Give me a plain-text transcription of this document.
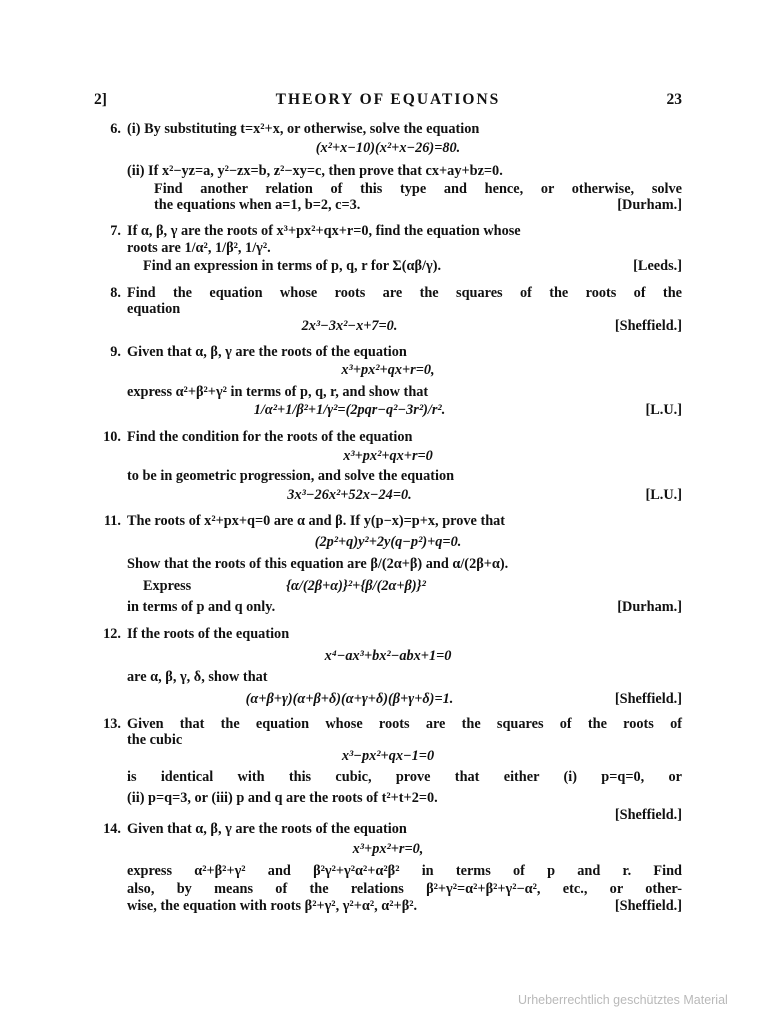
2]	THEORY OF EQUATIONS	23
6. (i) By substituting t=x²+x, or otherwise, solve the equation
(x²+x−10)(x²+x−26)=80.
(ii) If x²−yz=a, y²−zx=b, z²−xy=c, then prove that cx+ay+bz=0.
Find another relation of this type and hence, or otherwise, solve
the equations when a=1, b=2, c=3.	[Durham.]
7. If α, β, γ are the roots of x³+px²+qx+r=0, find the equation whose
roots are 1/α², 1/β², 1/γ².
Find an expression in terms of p, q, r for Σ(αβ/γ).	[Leeds.]
8. Find the equation whose roots are the squares of the roots of the
equation
2x³−3x²−x+7=0.	[Sheffield.]
9. Given that α, β, γ are the roots of the equation
x³+px²+qx+r=0,
express α²+β²+γ² in terms of p, q, r, and show that
1/α²+1/β²+1/γ²=(2pqr−q²−3r²)/r².	[L.U.]
10. Find the condition for the roots of the equation
x³+px²+qx+r=0
to be in geometric progression, and solve the equation
3x³−26x²+52x−24=0.	[L.U.]
11. The roots of x²+px+q=0 are α and β. If y(p−x)=p+x, prove that
(2p²+q)y²+2y(q−p²)+q=0.
Show that the roots of this equation are β/(2α+β) and α/(2β+α).
Express	{α/(2β+α)}²+{β/(2α+β)}²
in terms of p and q only.	[Durham.]
12. If the roots of the equation
x⁴−ax³+bx²−abx+1=0
are α, β, γ, δ, show that
(α+β+γ)(α+β+δ)(α+γ+δ)(β+γ+δ)=1.	[Sheffield.]
13. Given that the equation whose roots are the squares of the roots of
the cubic
x³−px²+qx−1=0
is identical with this cubic, prove that either (i) p=q=0, or
(ii) p=q=3, or (iii) p and q are the roots of t²+t+2=0.
[Sheffield.]
14. Given that α, β, γ are the roots of the equation
x³+px²+r=0,
express α²+β²+γ² and β²γ²+γ²α²+α²β² in terms of p and r. Find
also, by means of the relations β²+γ²=α²+β²+γ²−α², etc., or other-
wise, the equation with roots β²+γ², γ²+α², α²+β².	[Sheffield.]
Urheberrechtlich geschütztes Material
